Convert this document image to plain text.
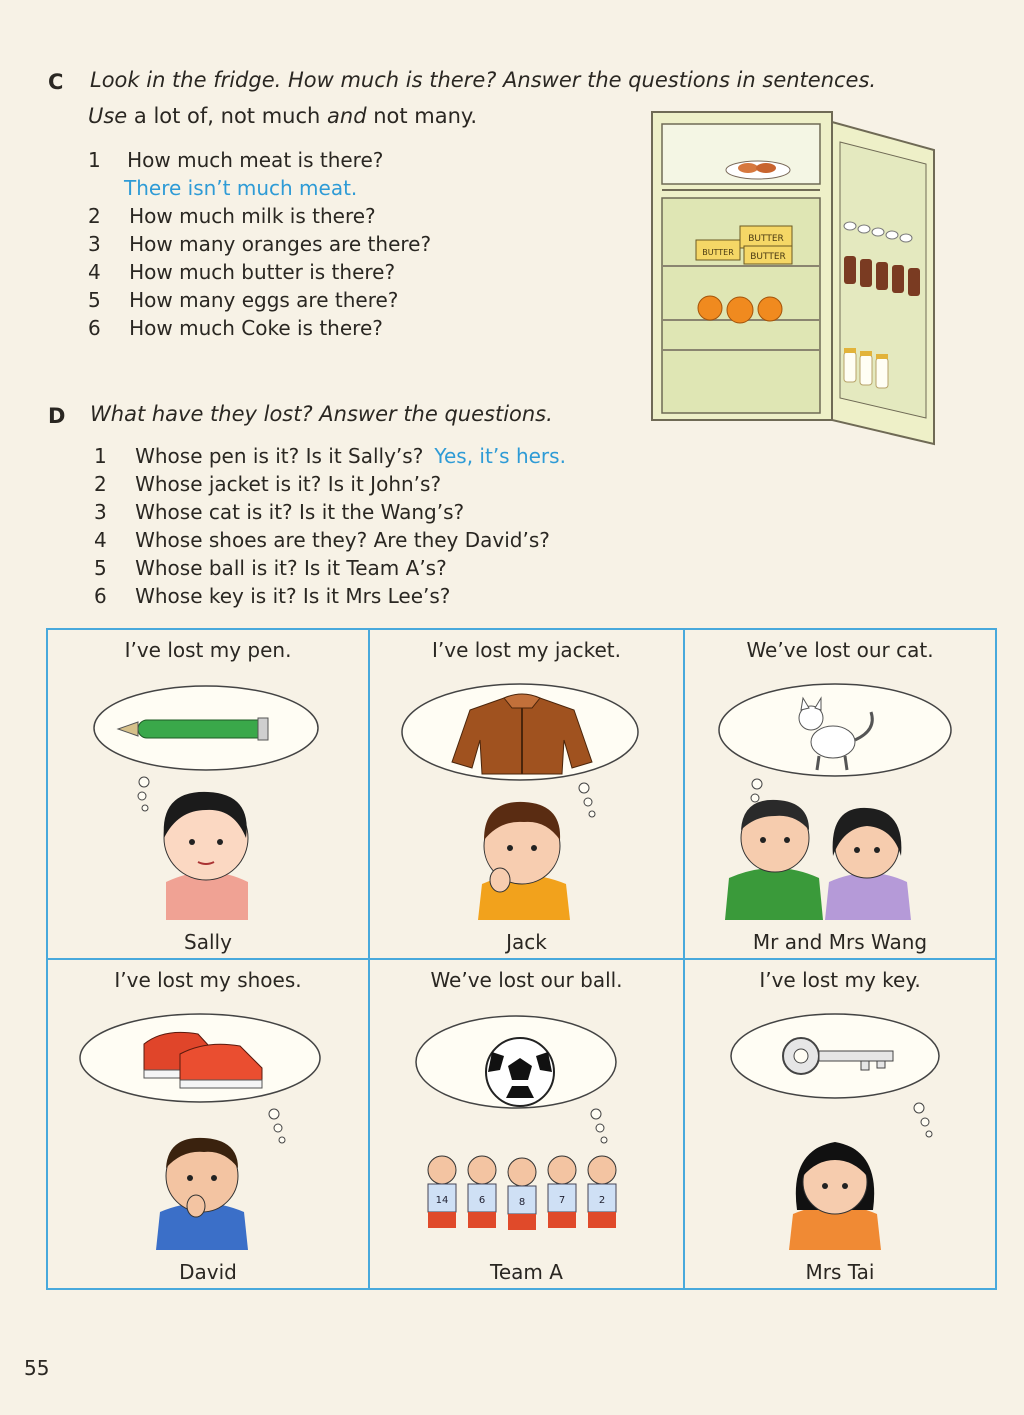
C Look in the fridge. How much is there? Answer the questions in sentences.
Use a lot of, not much and not many.
1 How much meat is there?
There isn’t much meat.
2 How much milk is there?
3 How many oranges are there?
4 How much butter is there?
5 How many eggs are there?
6 How much Coke is there?
BUTTER
BUTTER
BUTTER
D What have they lost? Answer the questions.
1 Whose pen is it? Is it Sally’s? Yes, it’s hers.
2 Whose jacket is it? Is it John’s?
3 Whose cat is it? Is it the Wang’s?
4 Whose shoes are they? Are they David’s?
5 Whose ball is it? Is it Team A’s?
6 Whose key is it? Is it Mrs Lee’s?
I’ve lost my pen.
Sally
I’ve lost my jacket.
Jack
We’ve lost our cat.
Mr and Mrs Wang
I’ve lost my shoes.
David
We’ve lost our ball.
14	6	8	7	2
Team A
I’ve lost my key.
Mrs Tai
55
